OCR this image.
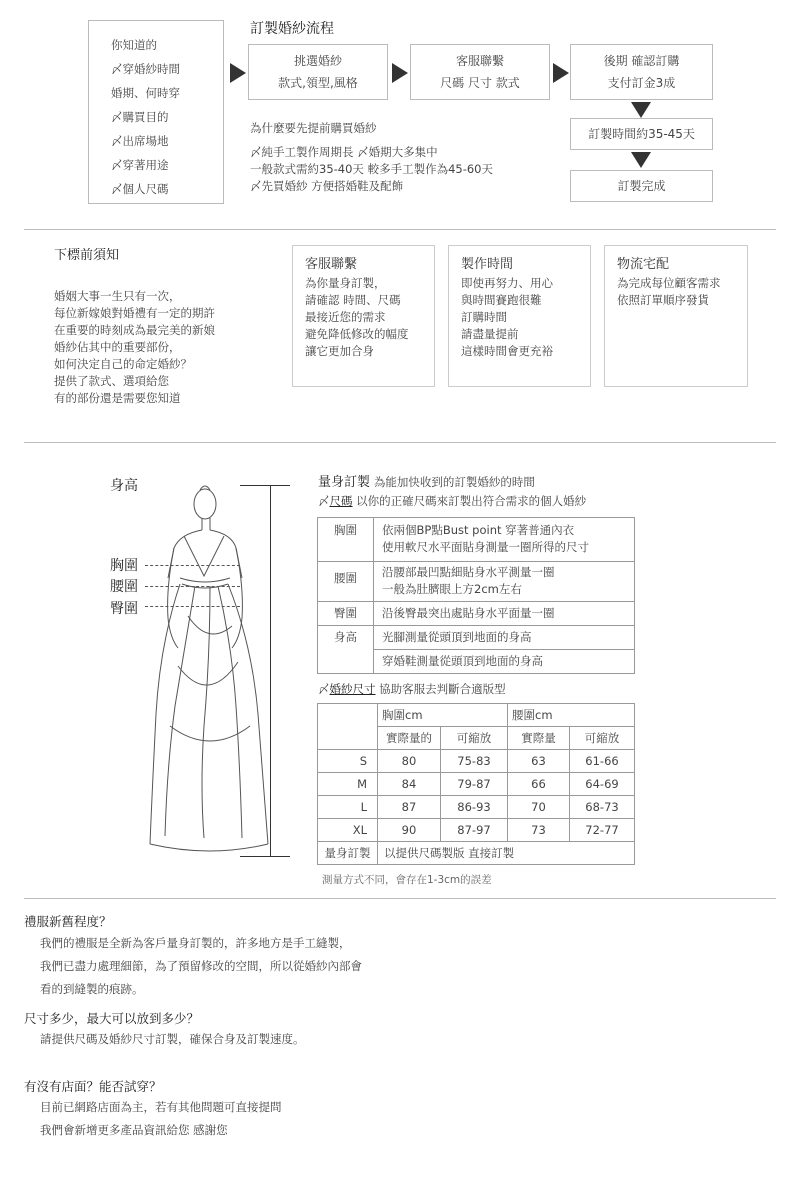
你知道的
〆穿婚紗時間
婚期、何時穿
〆購買目的
〆出席場地
〆穿著用途
〆個人尺碼
訂製婚紗流程
挑選婚紗
款式,領型,風格
客服聯繫
尺碼 尺寸 款式
後期 確認訂購
支付訂金3成
訂製時間約35-45天
訂製完成
為什麼要先提前購買婚紗
〆純手工製作周期長 〆婚期大多集中
一般款式需約35-40天 較多手工製作為45-60天
〆先買婚紗 方便搭婚鞋及配飾
下標前須知
婚姻大事一生只有一次，
每位新嫁娘對婚禮有一定的期許
在重要的時刻成為最完美的新娘
婚紗佔其中的重要部份，
如何決定自己的命定婚紗？
提供了款式、選項給您
有的部份還是需要您知道
客服聯繫
為你量身訂製，
請確認 時間、尺碼
最接近您的需求
避免降低修改的幅度
讓它更加合身
製作時間
即使再努力、用心
與時間賽跑很難
訂購時間
請盡量提前
這樣時間會更充裕
物流宅配
為完成每位顧客需求
依照訂單順序發貨
身高
胸圍
腰圍
臀圍
量身訂製 為能加快收到的訂製婚紗的時間
〆尺碼 以你的正確尺碼來訂製出符合需求的個人婚紗
胸圍	依兩個BP點Bust point 穿著普通內衣
使用軟尺水平面貼身測量一圈所得的尺寸

腰圍	沿腰部最凹點細貼身水平測量一圈
一般為肚臍眼上方2cm左右

臀圍	沿後臀最突出處貼身水平面量一圈

身高	光腳測量從頭頂到地面的身高

	穿婚鞋測量從頭頂到地面的身高
〆婚紗尺寸 協助客服去判斷合適版型
	胸圍cm		腰圍cm	
	實際量的	可縮放	實際量	可縮放
S	80	75-83	63	61-66
M	84	79-87	66	64-69
L	87	86-93	70	68-73
XL	90	87-97	73	72-77
量身訂製	以提供尺碼製版 直接訂製			
測量方式不同，會存在1-3cm的誤差
禮服新舊程度？
我們的禮服是全新為客戶量身訂製的，許多地方是手工縫製，
我們已盡力處理細節，為了預留修改的空間，所以從婚紗內部會
看的到縫製的痕跡。
尺寸多少，最大可以放到多少？
請提供尺碼及婚紗尺寸訂製，確保合身及訂製速度。
有沒有店面？能否試穿？
目前已網路店面為主，若有其他問題可直接提問
我們會新增更多產品資訊給您 感謝您
